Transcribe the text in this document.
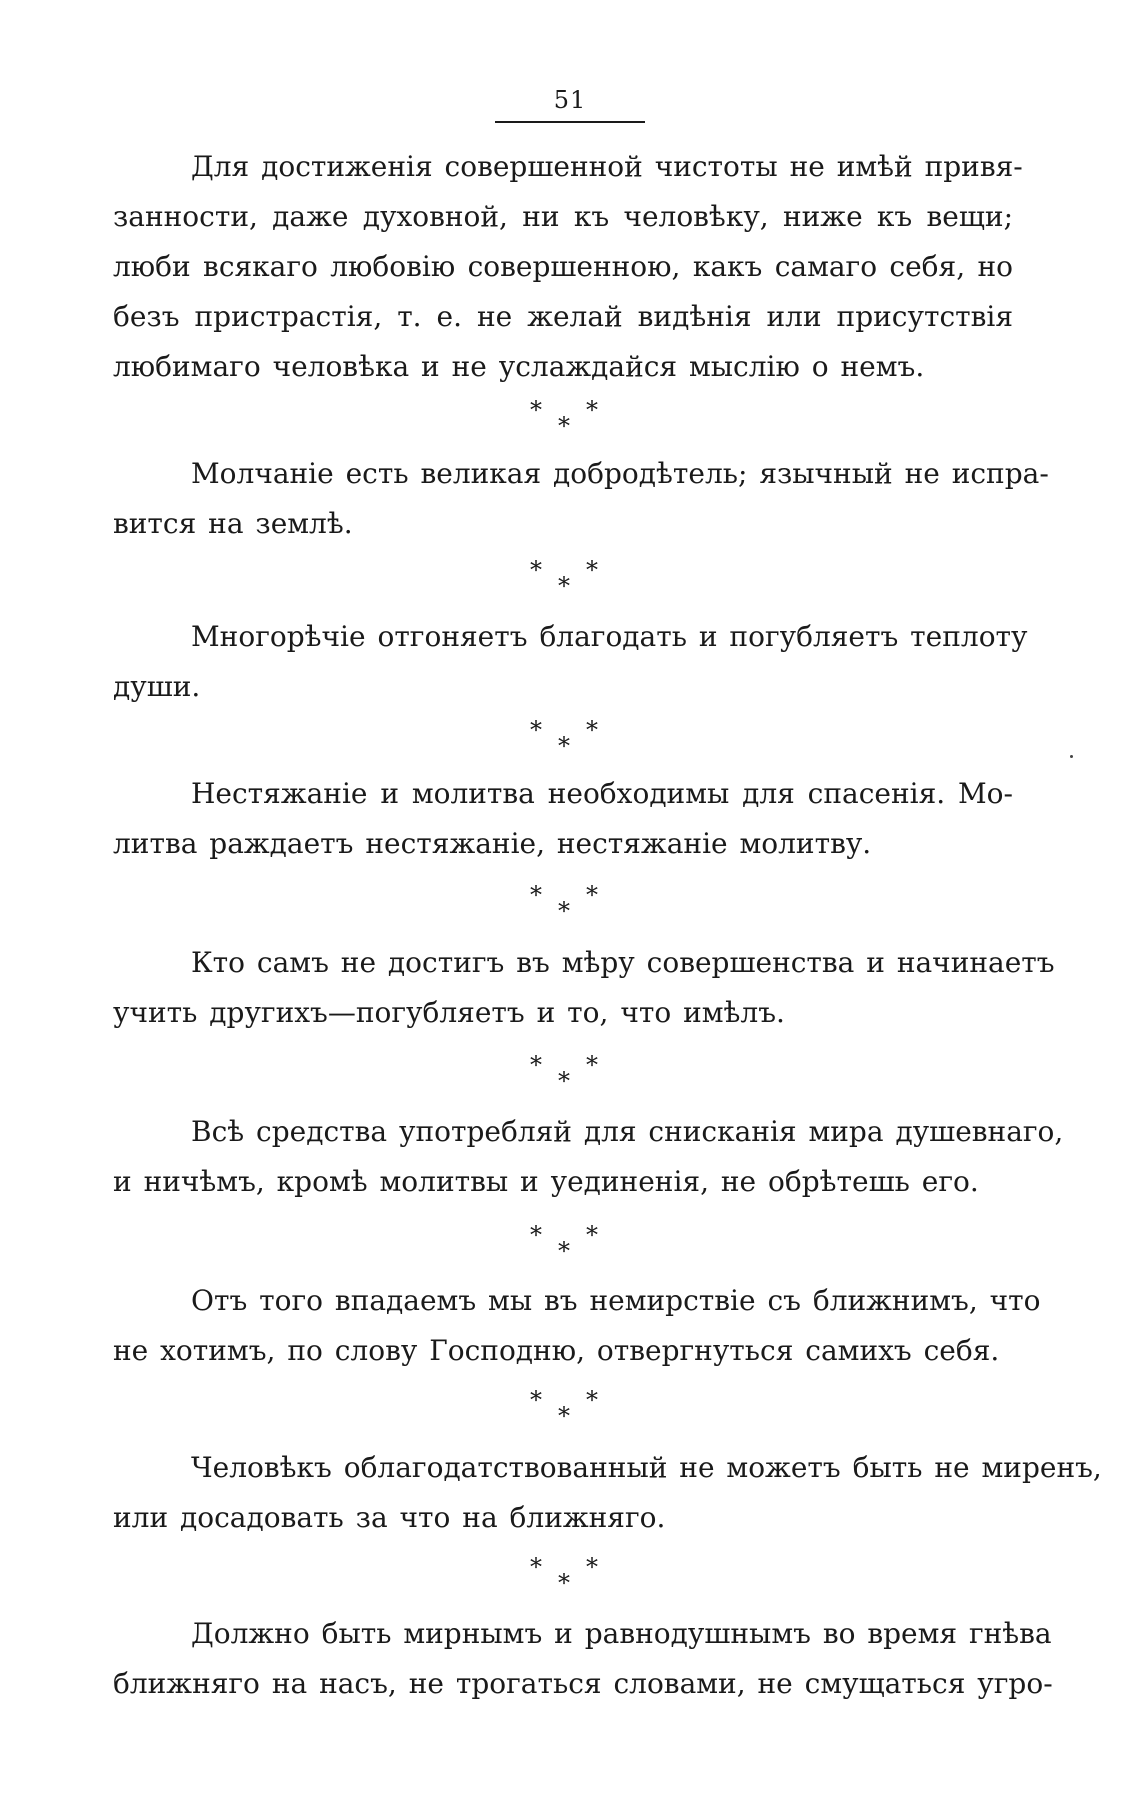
51

Для достиженія совершенной чистоты не имѣй привя-
занности, даже духовной, ни къ человѣку, ниже къ вещи;
люби всякаго любовію совершенною, какъ самаго себя, но
безъ пристрастія, т. е. не желай видѣнія или присутствія
любимаго человѣка и не услаждайся мыслію о немъ.

* *
*

Молчаніе есть великая добродѣтель; язычный не испра-
вится на землѣ.

* *
*

Многорѣчіе отгоняетъ благодать и погубляетъ теплоту
души.

* *
*

Нестяжаніе и молитва необходимы для спасенія. Мо-
литва раждаетъ нестяжаніе, нестяжаніе молитву.

* *
*

Кто самъ не достигъ въ мѣру совершенства и начинаетъ
учить другихъ—погубляетъ и то, что имѣлъ.

* *
*

Всѣ средства употребляй для снисканія мира душевнаго,
и ничѣмъ, кромѣ молитвы и уединенія, не обрѣтешь его.

* *
*

Отъ того впадаемъ мы въ немирствіе съ ближнимъ, что
не хотимъ, по слову Господню, отвергнуться самихъ себя.

* *
*

Человѣкъ облагодатствованный не можетъ быть не миренъ,
или досадовать за что на ближняго.

* *
*

Должно быть мирнымъ и равнодушнымъ во время гнѣва
ближняго на насъ, не трогаться словами, не смущаться угро-
